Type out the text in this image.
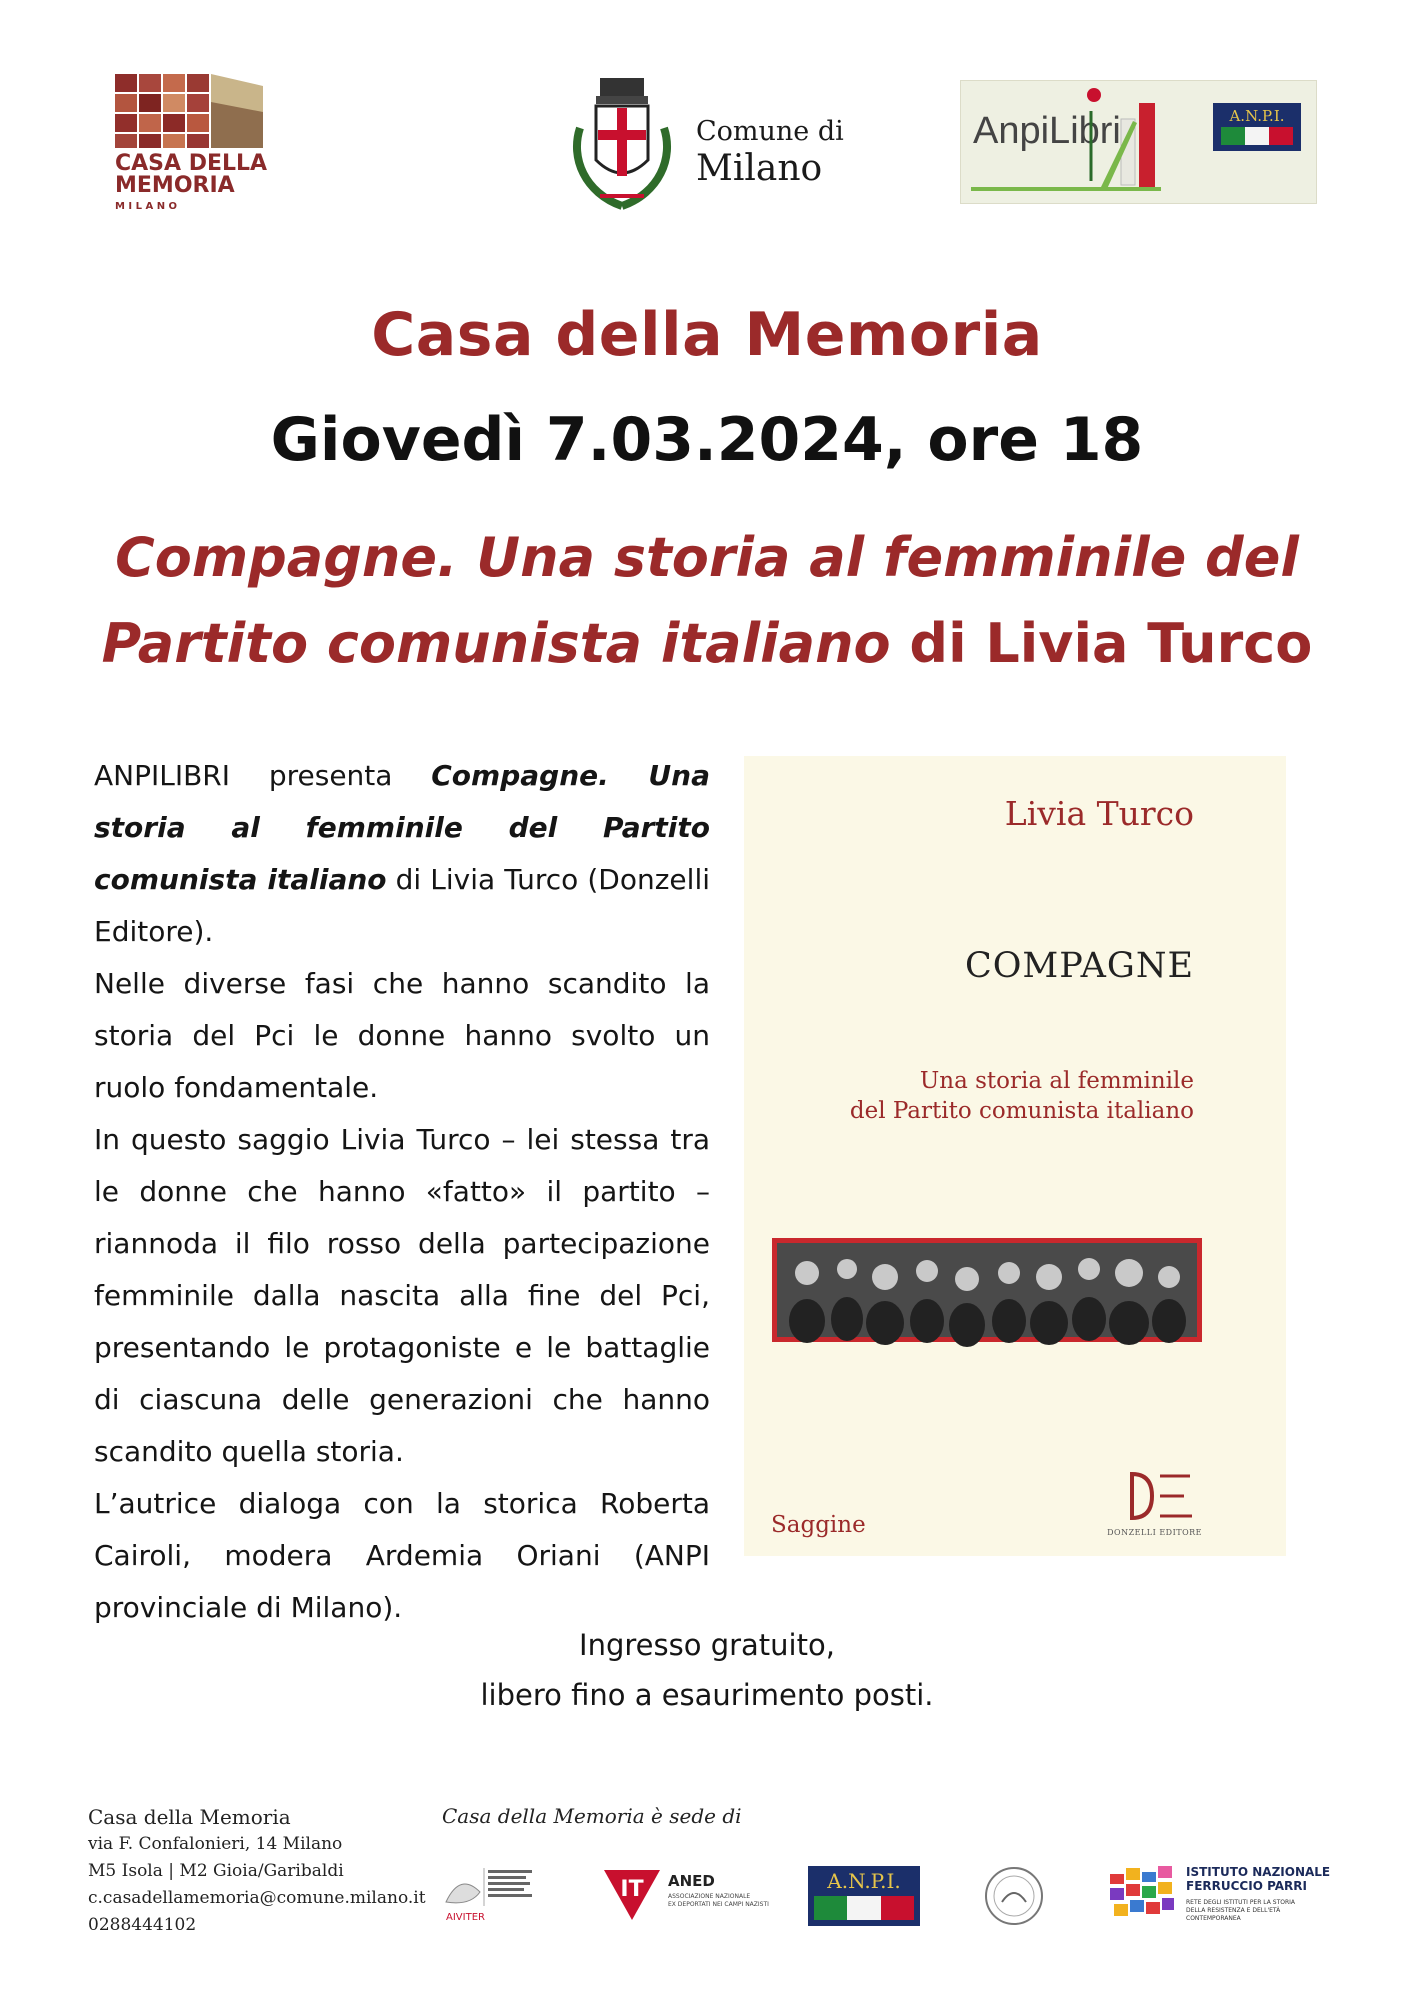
CASA DELLA
MEMORIA
M I L A N O
Comune di
Milano
AnpiLibri	A.N.P.I.
Casa della Memoria
Giovedì 7.03.2024, ore 18
Compagne. Una storia al femminile del
Partito comunista italiano di Livia Turco

ANPILIBRI presenta Compagne. Una storia al femminile del Partito comunista italiano di Livia Turco (Donzelli Editore).

Nelle diverse fasi che hanno scandito la storia del Pci le donne hanno svolto un ruolo fondamentale.

In questo saggio Livia Turco – lei stessa tra le donne che hanno «fatto» il partito – riannoda il filo rosso della partecipazione femminile dalla nascita alla fine del Pci, presentando le protagoniste e le battaglie di ciascuna delle generazioni che hanno scandito quella storia.

L’autrice dialoga con la storica Roberta Cairoli, modera Ardemia Oriani (ANPI provinciale di Milano).

Livia Turco
COMPAGNE
Una storia al femminile
del Partito comunista italiano
Saggine	DONZELLI EDITORE
Ingresso gratuito,
libero fino a esaurimento posti.
Casa della Memoria
via F. Confalonieri, 14 Milano
M5 Isola | M2 Gioia/Garibaldi
c.casadellamemoria@comune.milano.it
0288444102
Casa della Memoria è sede di
AIVITER
IT ANED
ASSOCIAZIONE NAZIONALE
EX DEPORTATI NEI CAMPI NAZISTI
A.N.P.I.	ISTITUTO NAZIONALE
FERRUCCIO PARRI
RETE DEGLI ISTITUTI PER LA STORIA
DELLA RESISTENZA E DELL'ETÀ
CONTEMPORANEA
